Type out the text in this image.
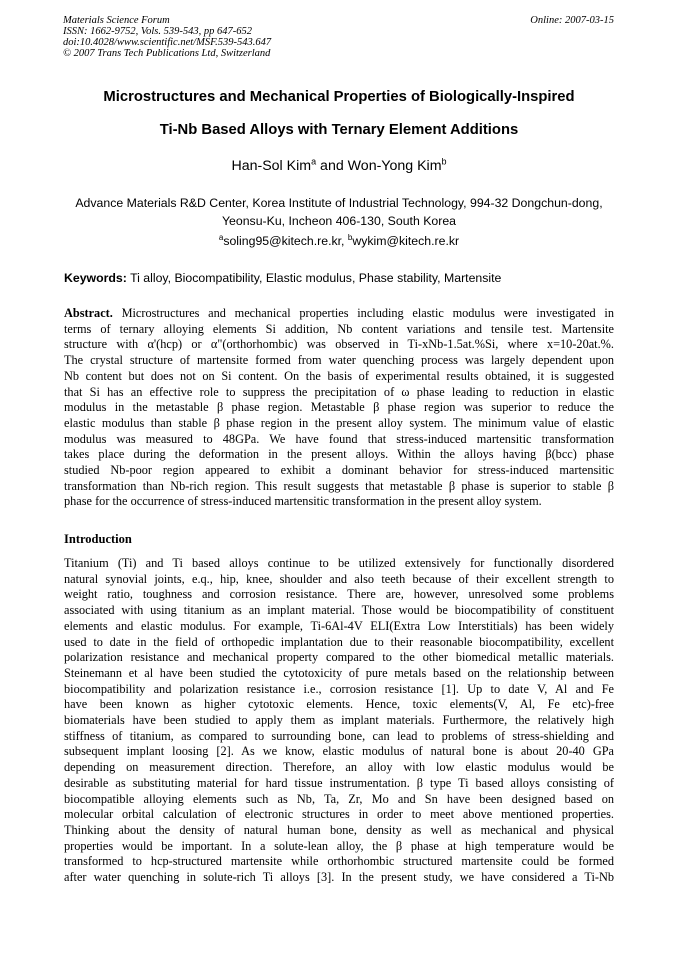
Materials Science Forum
ISSN: 1662-9752, Vols. 539-543, pp 647-652
doi:10.4028/www.scientific.net/MSF.539-543.647
© 2007 Trans Tech Publications Ltd, Switzerland
Online: 2007-03-15
Microstructures and Mechanical Properties of Biologically-Inspired
Ti-Nb Based Alloys with Ternary Element Additions
Han-Sol Kim$^a$ and Won-Yong Kim$^b$
Advance Materials R&D Center, Korea Institute of Industrial Technology, 994-32 Dongchun-dong,
Yeonsu-Ku, Incheon 406-130, South Korea
$^a$soling95@kitech.re.kr, $^b$wykim@kitech.re.kr
Keywords: Ti alloy, Biocompatibility, Elastic modulus, Phase stability, Martensite
Abstract. Microstructures and mechanical properties including elastic modulus were investigated in
terms of ternary alloying elements Si addition, Nb content variations and tensile test. Martensite
structure with α'(hcp) or α"(orthorhombic) was observed in Ti-xNb-1.5at.%Si, where x=10-20at.%.
The crystal structure of martensite formed from water quenching process was largely dependent upon
Nb content but does not on Si content. On the basis of experimental results obtained, it is suggested
that Si has an effective role to suppress the precipitation of ω phase leading to reduction in elastic
modulus in the metastable β phase region. Metastable β phase region was superior to reduce the
elastic modulus than stable β phase region in the present alloy system. The minimum value of elastic
modulus was measured to 48GPa. We have found that stress-induced martensitic transformation
takes place during the deformation in the present alloys. Within the alloys having β(bcc) phase
studied Nb-poor region appeared to exhibit a dominant behavior for stress-induced martensitic
transformation than Nb-rich region. This result suggests that metastable β phase is superior to stable β
phase for the occurrence of stress-induced martensitic transformation in the present alloy system.
Introduction
Titanium (Ti) and Ti based alloys continue to be utilized extensively for functionally disordered
natural synovial joints, e.q., hip, knee, shoulder and also teeth because of their excellent strength to
weight ratio, toughness and corrosion resistance. There are, however, unresolved some problems
associated with using titanium as an implant material. Those would be biocompatibility of constituent
elements and elastic modulus. For example, Ti-6Al-4V ELI(Extra Low Interstitials) has been widely
used to date in the field of orthopedic implantation due to their reasonable biocompatibility, excellent
polarization resistance and mechanical property compared to the other biomedical metallic materials.
Steinemann et al have been studied the cytotoxicity of pure metals based on the relationship between
biocompatibility and polarization resistance i.e., corrosion resistance [1]. Up to date V, Al and Fe
have been known as higher cytotoxic elements. Hence, toxic elements(V, Al, Fe etc)-free
biomaterials have been studied to apply them as implant materials. Furthermore, the relatively high
stiffness of titanium, as compared to surrounding bone, can lead to problems of stress-shielding and
subsequent implant loosing [2]. As we know, elastic modulus of natural bone is about 20-40 GPa
depending on measurement direction. Therefore, an alloy with low elastic modulus would be
desirable as substituting material for hard tissue instrumentation. β type Ti based alloys consisting of
biocompatible alloying elements such as Nb, Ta, Zr, Mo and Sn have been designed based on
molecular orbital calculation of electronic structures in order to meet above mentioned properties.
Thinking about the density of natural human bone, density as well as mechanical and physical
properties would be important. In a solute-lean alloy, the β phase at high temperature would be
transformed to hcp-structured martensite while orthorhombic structured martensite could be formed
after water quenching in solute-rich Ti alloys [3]. In the present study, we have considered a Ti-Nb
